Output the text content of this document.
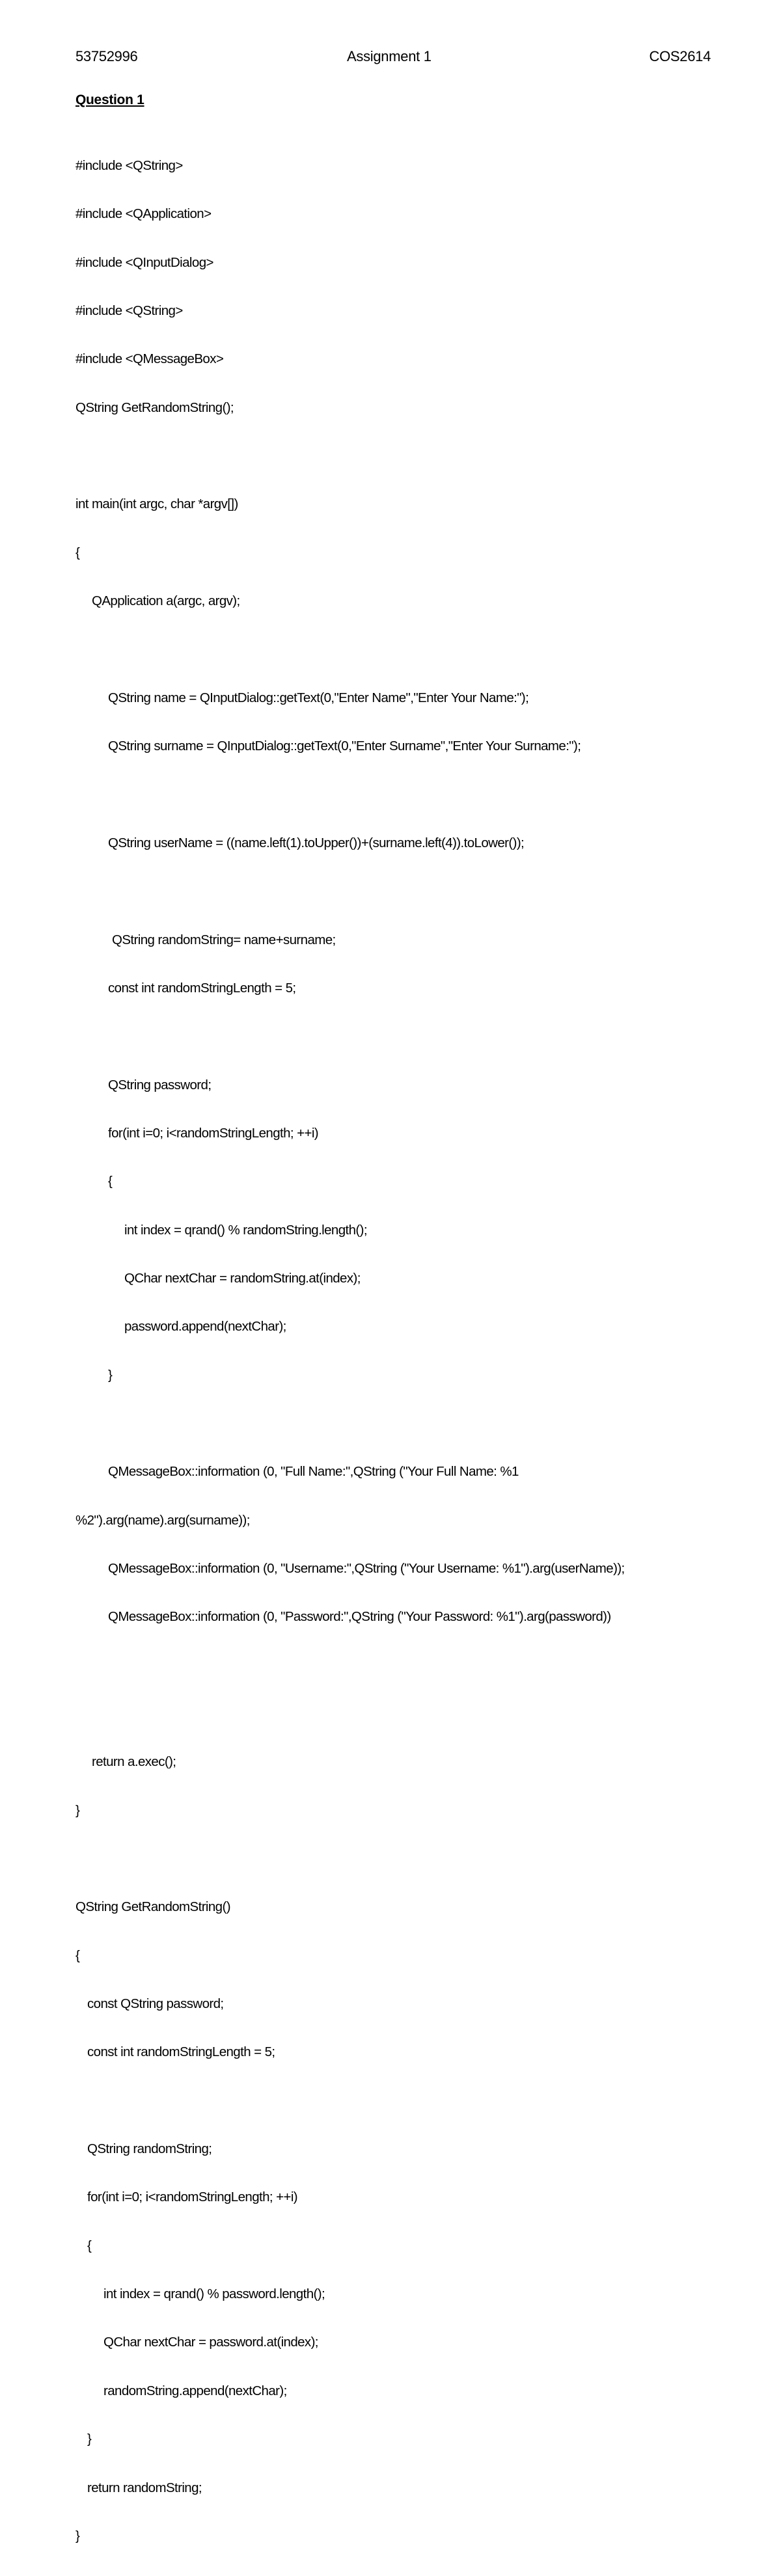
53752996	Assignment 1	COS2614
Question 1

#include <QString>

#include <QApplication>

#include <QInputDialog>

#include <QString>

#include <QMessageBox>

QString GetRandomString();

int main(int argc, char *argv[])

{

QApplication a(argc, argv);

QString name = QInputDialog::getText(0,"Enter Name","Enter Your Name:");

QString surname = QInputDialog::getText(0,"Enter Surname","Enter Your Surname:");

QString userName = ((name.left(1).toUpper())+(surname.left(4)).toLower());

QString randomString= name+surname;

const int randomStringLength = 5;

QString password;

for(int i=0; i<randomStringLength; ++i)

{

int index = qrand() % randomString.length();

QChar nextChar = randomString.at(index);

password.append(nextChar);

}

QMessageBox::information (0, "Full Name:",QString ("Your Full Name: %1

%2").arg(name).arg(surname));

QMessageBox::information (0, "Username:",QString ("Your Username: %1").arg(userName));

QMessageBox::information (0, "Password:",QString ("Your Password: %1").arg(password))

return a.exec();

}

QString GetRandomString()

{

const QString password;

const int randomStringLength = 5;

QString randomString;

for(int i=0; i<randomStringLength; ++i)

{

int index = qrand() % password.length();

QChar nextChar = password.at(index);

randomString.append(nextChar);

}

return randomString;

}
